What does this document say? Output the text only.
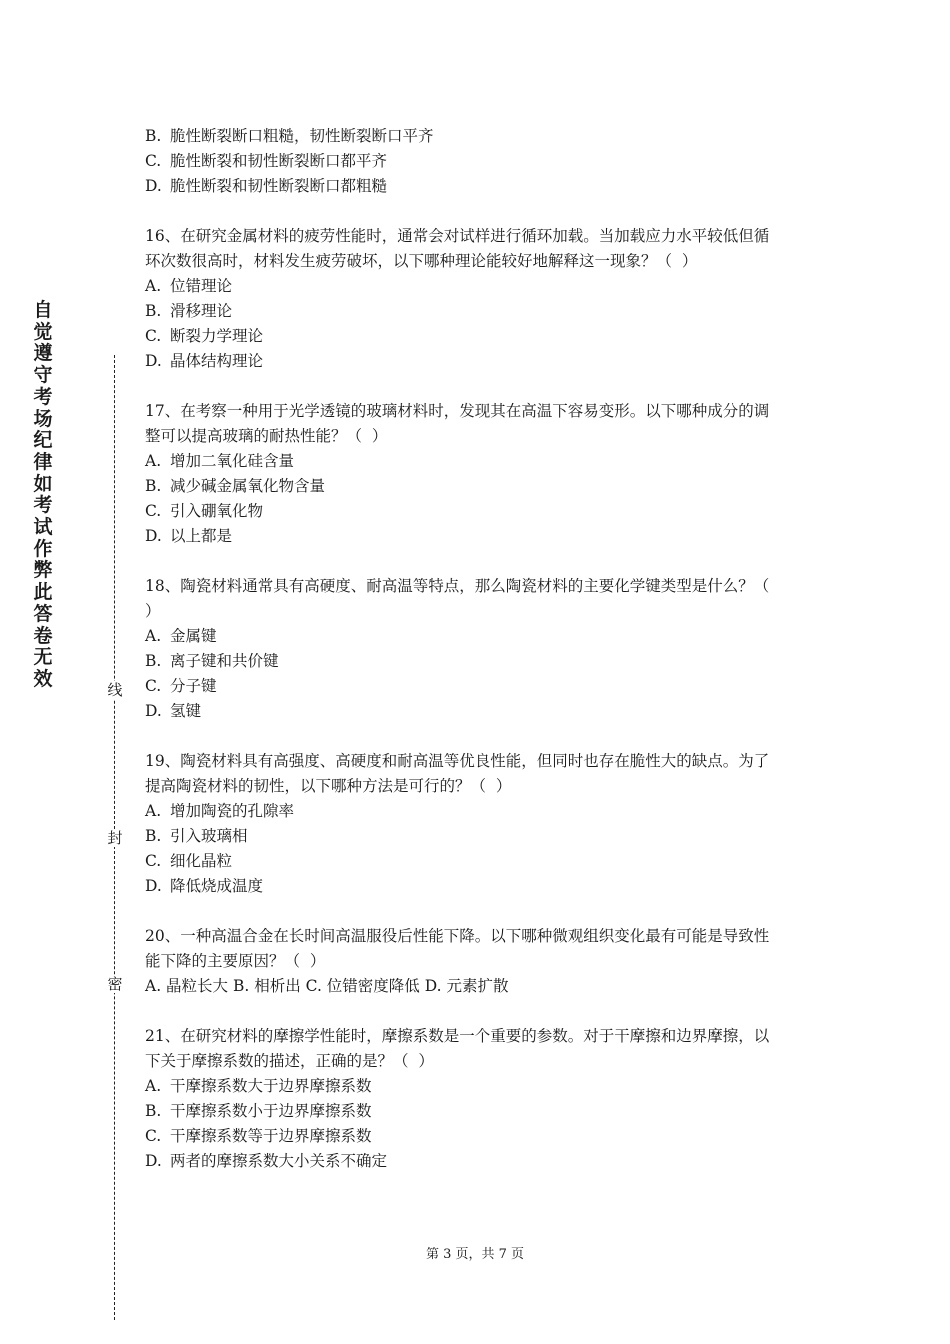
自觉遵守考场纪律如考试作弊此答卷无效
线
封
密

B. 脆性断裂断口粗糙，韧性断裂断口平齐

C. 脆性断裂和韧性断裂断口都平齐

D. 脆性断裂和韧性断裂断口都粗糙

16、在研究金属材料的疲劳性能时，通常会对试样进行循环加载。当加载应力水平较低但循

环次数很高时，材料发生疲劳破坏，以下哪种理论能较好地解释这一现象？（  ）

A. 位错理论

B. 滑移理论

C. 断裂力学理论

D. 晶体结构理论

17、在考察一种用于光学透镜的玻璃材料时，发现其在高温下容易变形。以下哪种成分的调

整可以提高玻璃的耐热性能？（  ）

A. 增加二氧化硅含量

B. 减少碱金属氧化物含量

C. 引入硼氧化物

D. 以上都是

18、陶瓷材料通常具有高硬度、耐高温等特点，那么陶瓷材料的主要化学键类型是什么？（

）

A. 金属键

B. 离子键和共价键

C. 分子键

D. 氢键

19、陶瓷材料具有高强度、高硬度和耐高温等优良性能，但同时也存在脆性大的缺点。为了

提高陶瓷材料的韧性，以下哪种方法是可行的？（  ）

A. 增加陶瓷的孔隙率

B. 引入玻璃相

C. 细化晶粒

D. 降低烧成温度

20、一种高温合金在长时间高温服役后性能下降。以下哪种微观组织变化最有可能是导致性

能下降的主要原因？（  ）

A. 晶粒长大 B. 相析出 C. 位错密度降低 D. 元素扩散

21、在研究材料的摩擦学性能时，摩擦系数是一个重要的参数。对于干摩擦和边界摩擦，以

下关于摩擦系数的描述，正确的是？（  ）

A. 干摩擦系数大于边界摩擦系数

B. 干摩擦系数小于边界摩擦系数

C. 干摩擦系数等于边界摩擦系数

D. 两者的摩擦系数大小关系不确定

第 3 页，共 7 页
